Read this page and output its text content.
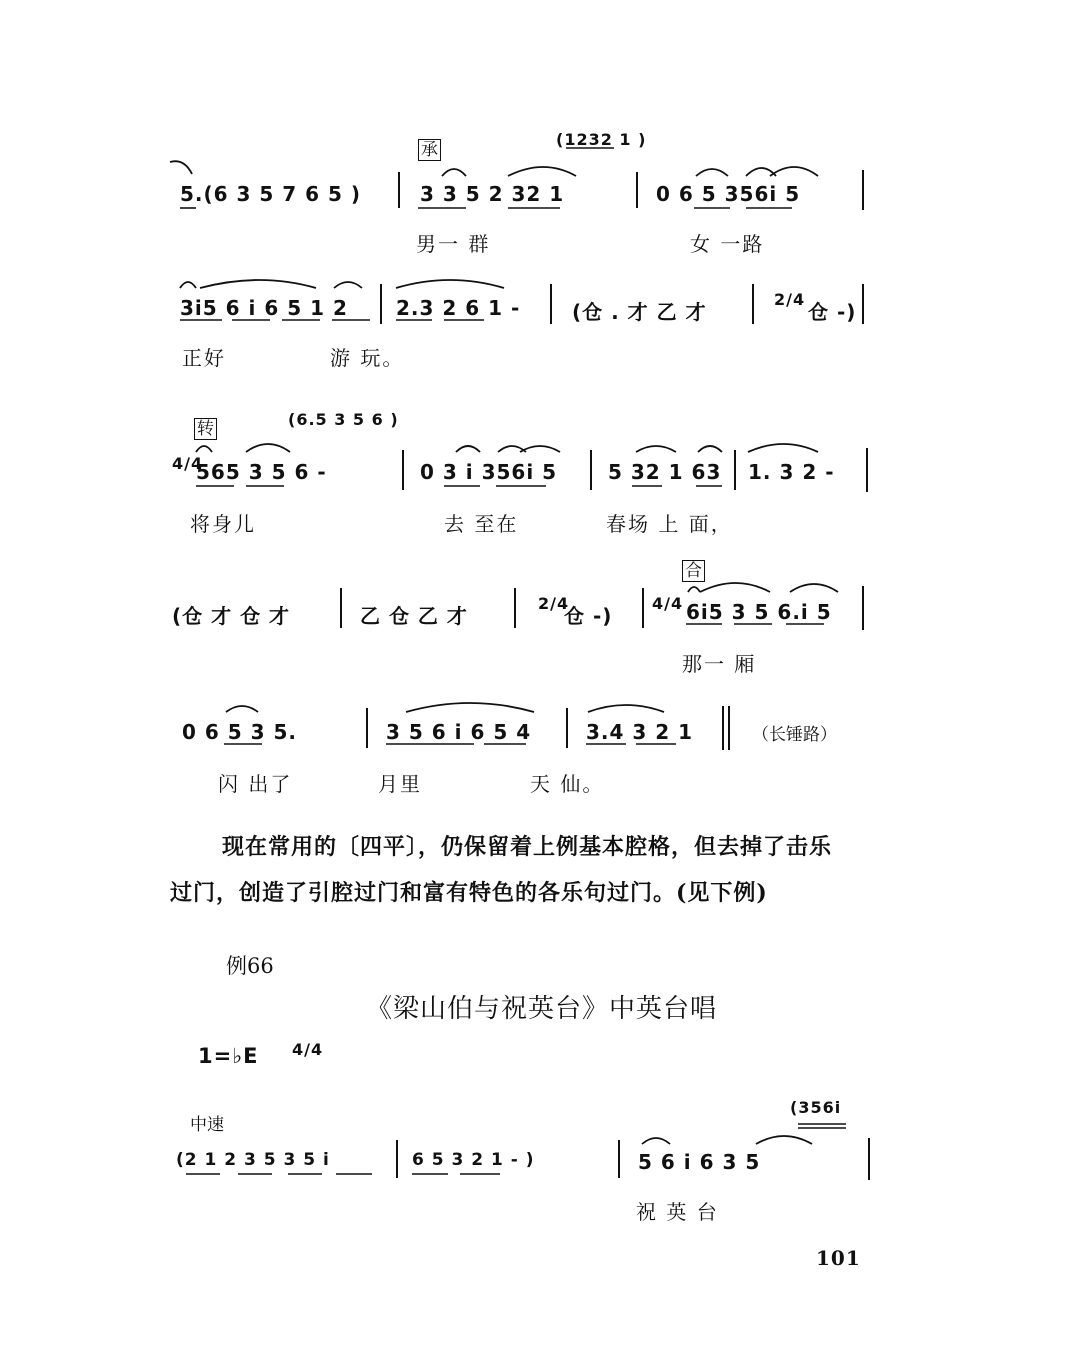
承
(1232 1 )
5.(6 3 5 7 6 5 )	3 3 5 2 32 1	0 6 5 356i 5
男一 群	女 一路
3i5 6 i 6 5 1 2 2.3 2 6 1 -	(仓 . 才 乙 才
2/4
仓 -)
正好	游 玩。
转	(6.5 3 5 6 )
4/4
565 3 5 6 -	0 3 i 356i 5	5 32 1 63 1. 3 2 -
将身儿	去 至在	春场 上 面，
合
(仓 才 仓 才	乙 仓 乙 才
2/4
仓 -)
4/4 6i5 3 5 6.i 5
那一 厢
0 6 5 3 5.	3 5 6 i 6 5 4	3.4 3 2 1	（长锤路）
闪 出了	月里	天 仙。
现在常用的〔四平〕，仍保留着上例基本腔格，但去掉了击乐
过门，创造了引腔过门和富有特色的各乐句过门。(见下例)
例66
《梁山伯与祝英台》中英台唱
1=♭E 4/4
中速
(356i
(2 1 2 3 5 3 5 i	6 5 3 2 1 - )	5 6 i 6 3 5
祝 英 台
101
